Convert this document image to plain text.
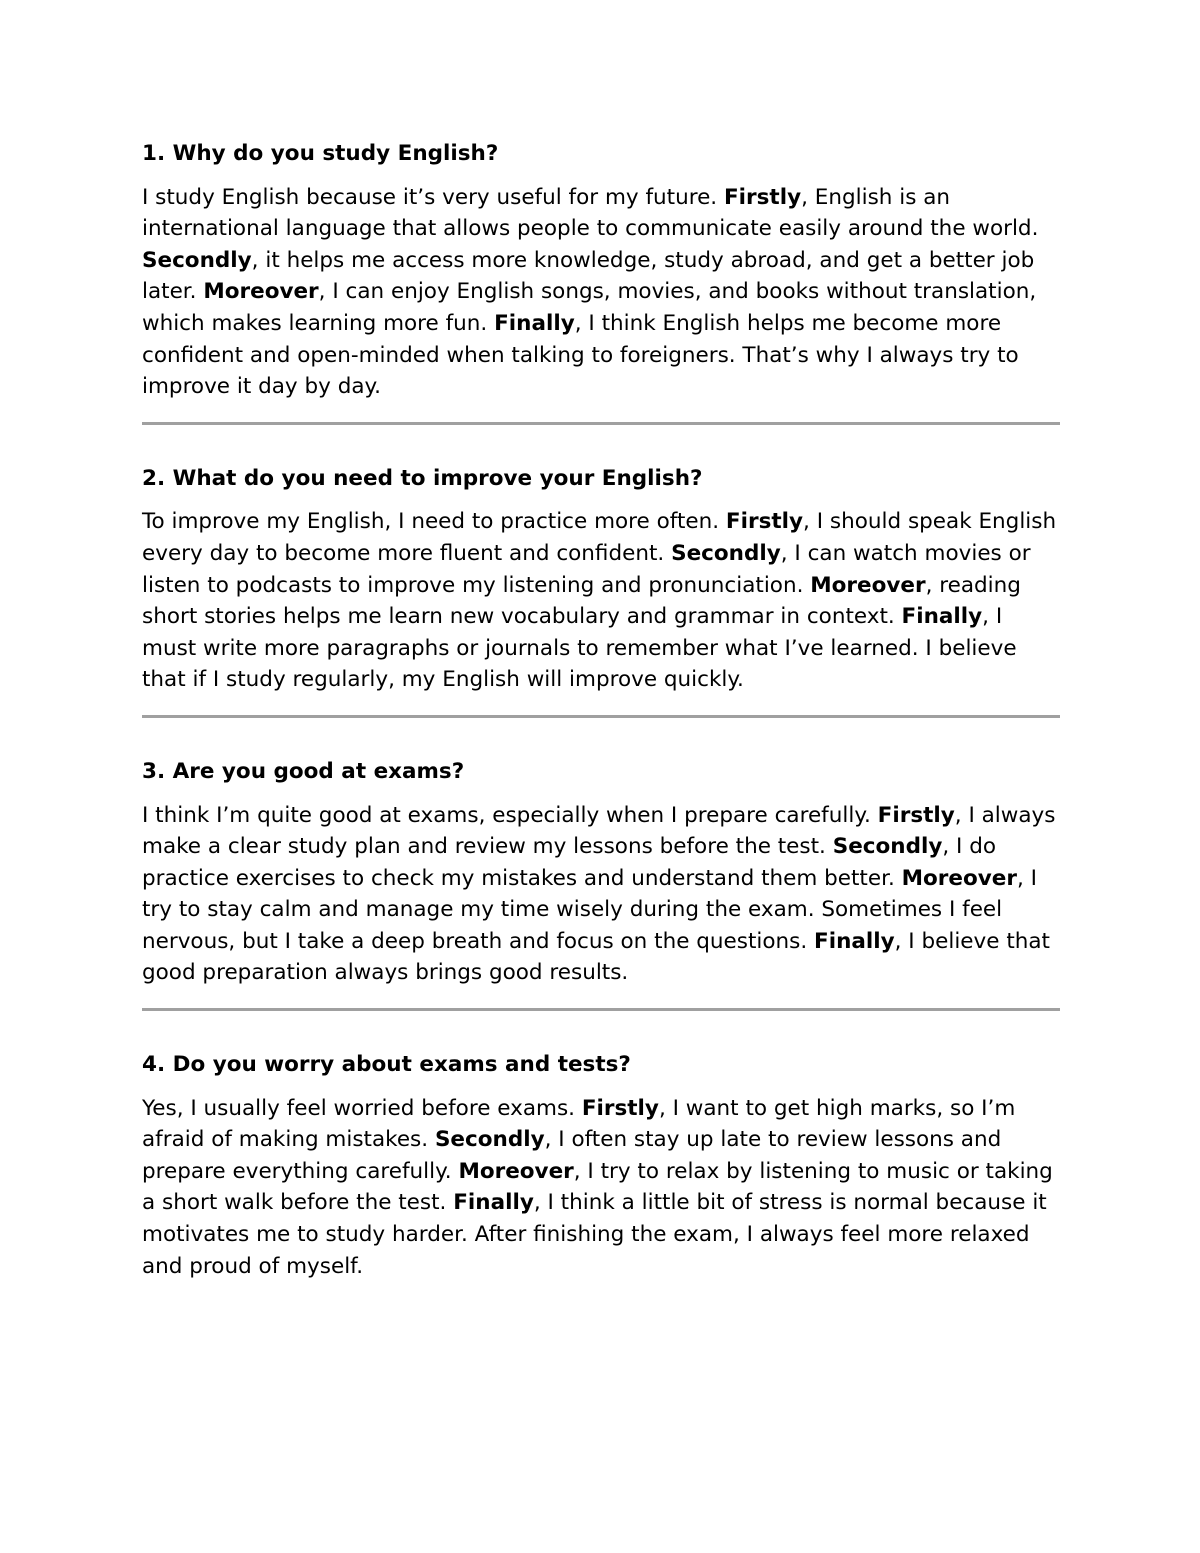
1. Why do you study English?

I study English because it’s very useful for my future. Firstly, English is an international language that allows people to communicate easily around the world. Secondly, it helps me access more knowledge, study abroad, and get a better job later. Moreover, I can enjoy English songs, movies, and books without translation, which makes learning more fun. Finally, I think English helps me become more confident and open-minded when talking to foreigners. That’s why I always try to improve it day by day.

2. What do you need to improve your English?

To improve my English, I need to practice more often. Firstly, I should speak English every day to become more fluent and confident. Secondly, I can watch movies or listen to podcasts to improve my listening and pronunciation. Moreover, reading short stories helps me learn new vocabulary and grammar in context. Finally, I must write more paragraphs or journals to remember what I’ve learned. I believe that if I study regularly, my English will improve quickly.

3. Are you good at exams?

I think I’m quite good at exams, especially when I prepare carefully. Firstly, I always make a clear study plan and review my lessons before the test. Secondly, I do practice exercises to check my mistakes and understand them better. Moreover, I try to stay calm and manage my time wisely during the exam. Sometimes I feel nervous, but I take a deep breath and focus on the questions. Finally, I believe that good preparation always brings good results.

4. Do you worry about exams and tests?

Yes, I usually feel worried before exams. Firstly, I want to get high marks, so I’m afraid of making mistakes. Secondly, I often stay up late to review lessons and prepare everything carefully. Moreover, I try to relax by listening to music or taking a short walk before the test. Finally, I think a little bit of stress is normal because it motivates me to study harder. After finishing the exam, I always feel more relaxed and proud of myself.
